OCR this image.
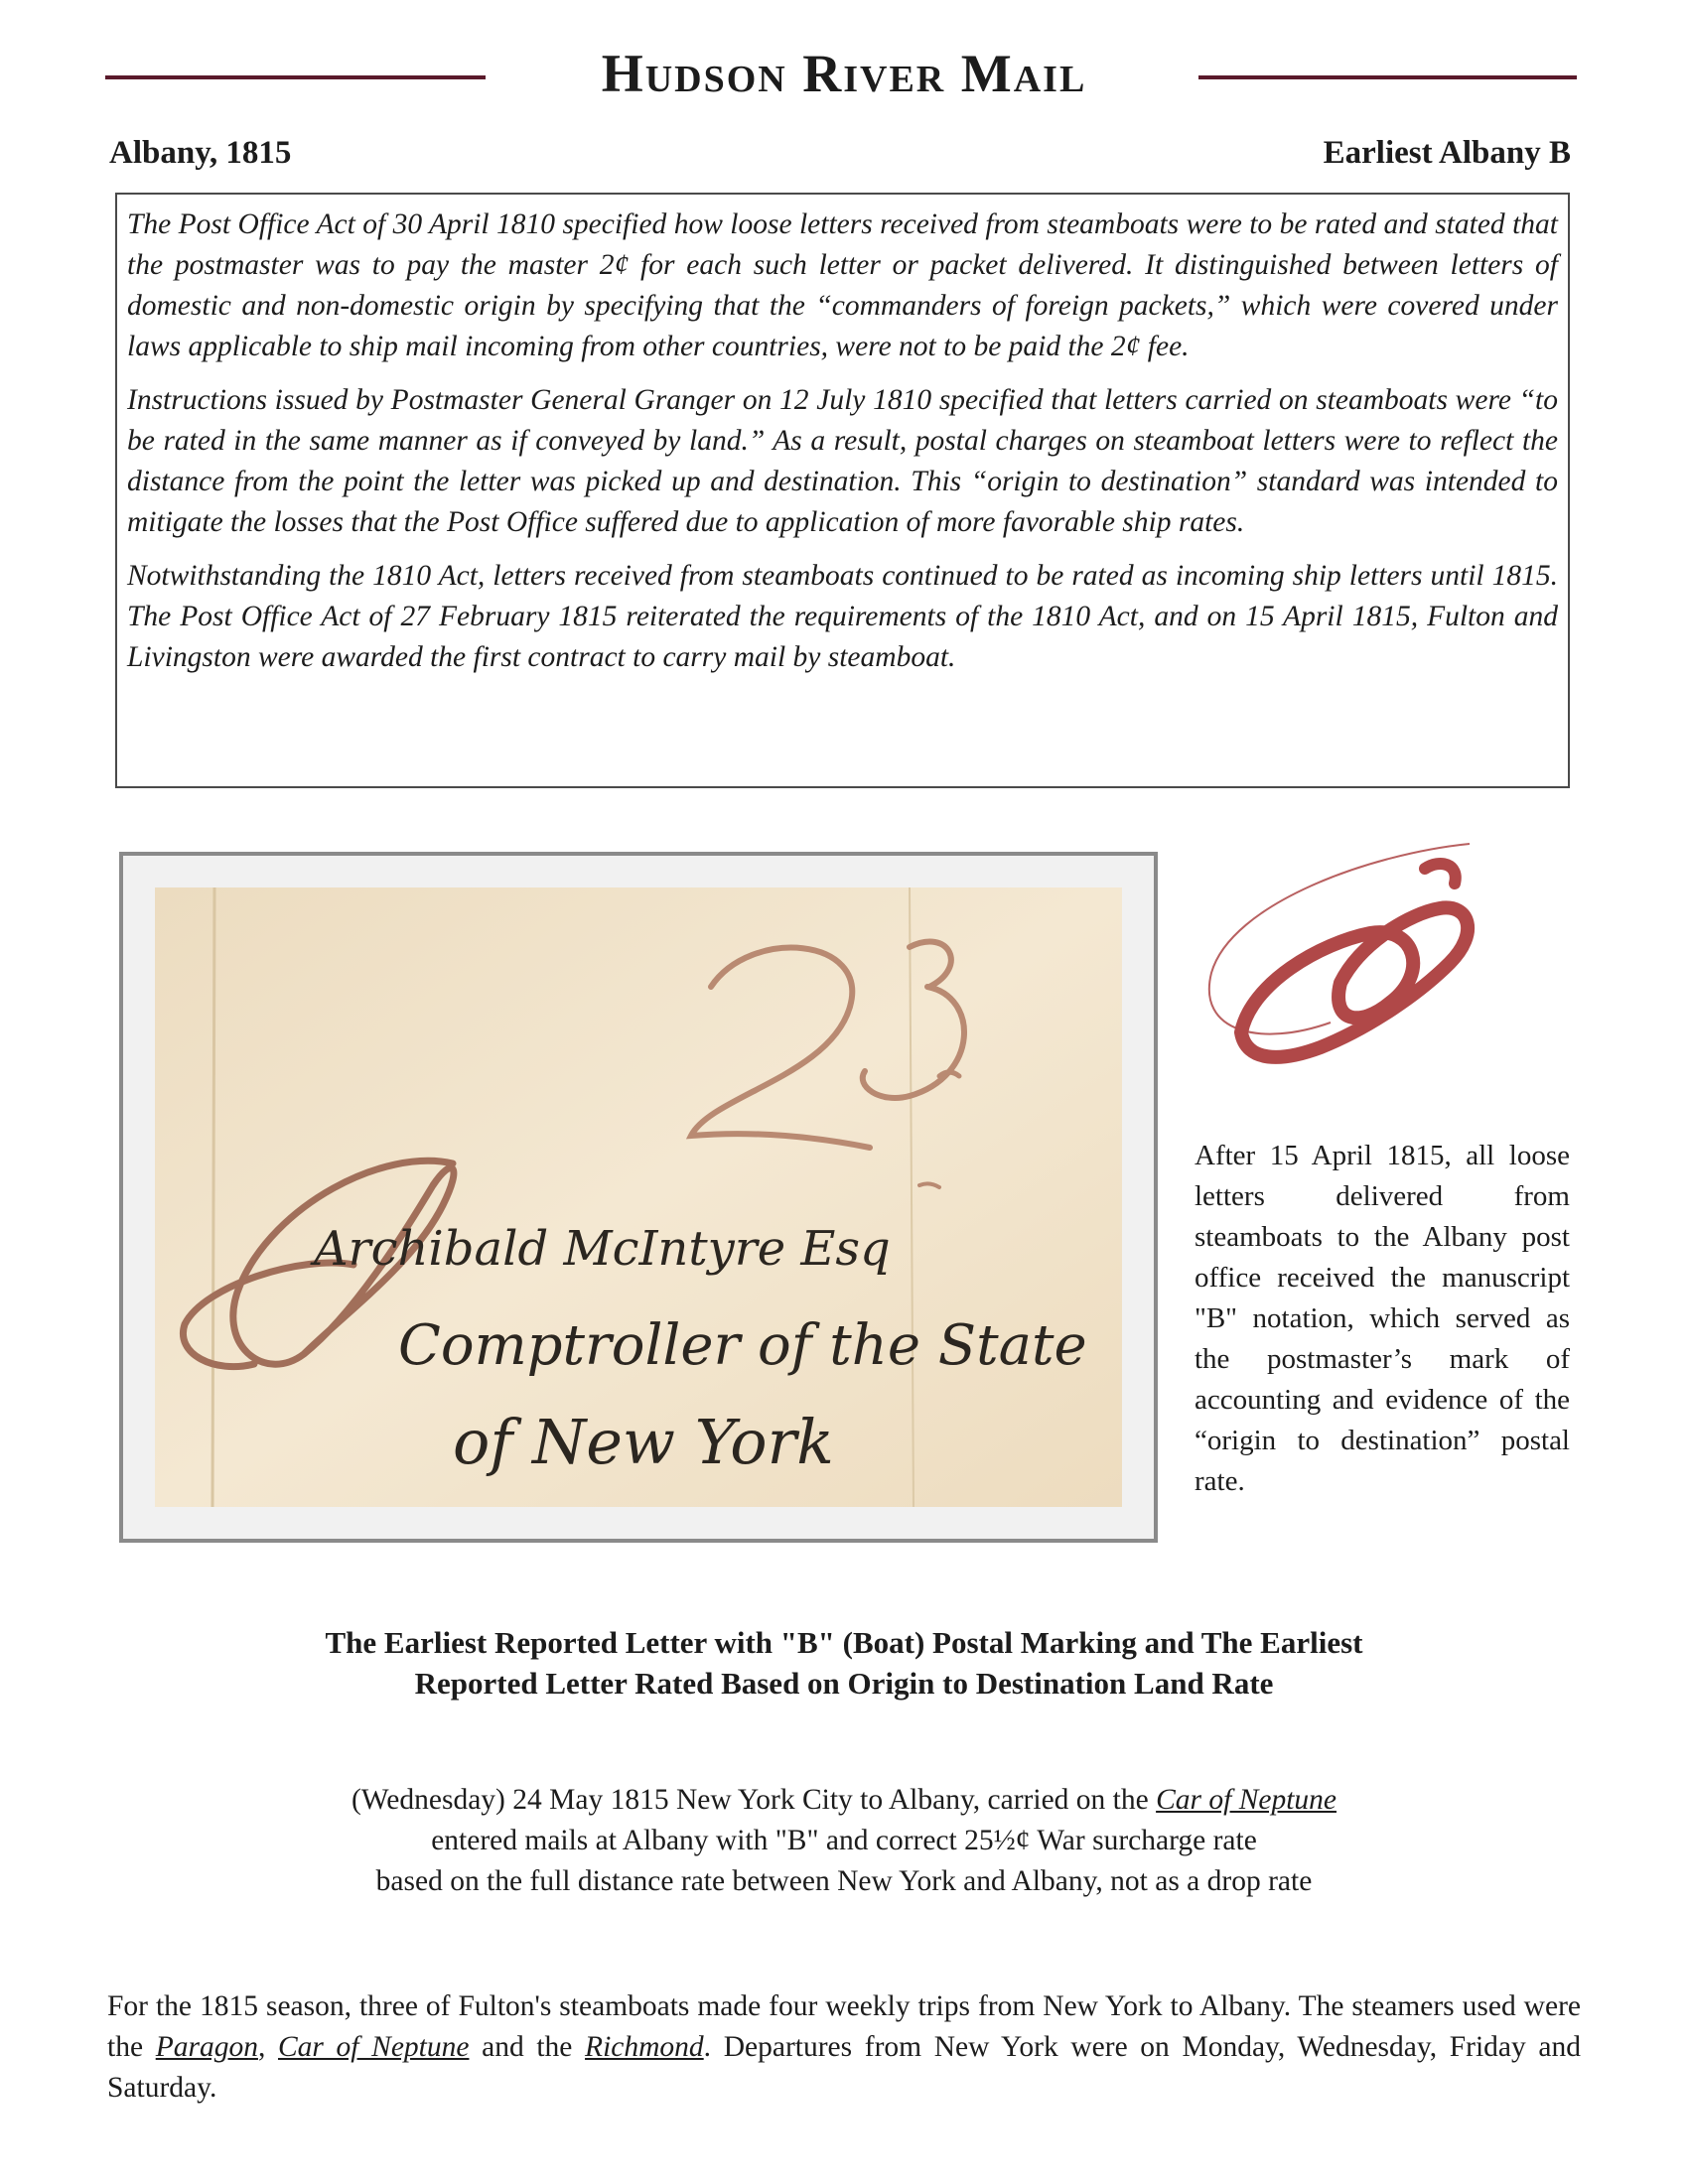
Hudson River Mail
Albany, 1815	Earliest Albany B

The Post Office Act of 30 April 1810 specified how loose letters received from steamboats were to be rated and stated that the postmaster was to pay the master 2¢ for each such letter or packet delivered. It distinguished between letters of domestic and non-domestic origin by specifying that the “commanders of foreign packets,” which were covered under laws applicable to ship mail incoming from other countries, were not to be paid the 2¢ fee.

Instructions issued by Postmaster General Granger on 12 July 1810 specified that letters carried on steamboats were “to be rated in the same manner as if conveyed by land.” As a result, postal charges on steamboat letters were to reflect the distance from the point the letter was picked up and destination. This “origin to destination” standard was intended to mitigate the losses that the Post Office suffered due to application of more favorable ship rates.

Notwithstanding the 1810 Act, letters received from steamboats continued to be rated as incoming ship letters until 1815. The Post Office Act of 27 February 1815 reiterated the requirements of the 1810 Act, and on 15 April 1815, Fulton and Livingston were awarded the first contract to carry mail by steamboat.

Archibald McIntyre Esq
Comptroller of the State
of New York
After 15 April 1815, all loose letters delivered from steamboats to the Albany post office received the manuscript "B" notation, which served as the postmaster’s mark of accounting and evidence of the “origin to destination” postal rate.
The Earliest Reported Letter with "B" (Boat) Postal Marking and The Earliest
Reported Letter Rated Based on Origin to Destination Land Rate
(Wednesday) 24 May 1815 New York City to Albany, carried on the Car of Neptune
entered mails at Albany with "B" and correct 25½¢ War surcharge rate
based on the full distance rate between New York and Albany, not as a drop rate
For the 1815 season, three of Fulton's steamboats made four weekly trips from New York to Albany. The steamers used were the Paragon, Car of Neptune and the Richmond. Departures from New York were on Monday, Wednesday, Friday and Saturday.
